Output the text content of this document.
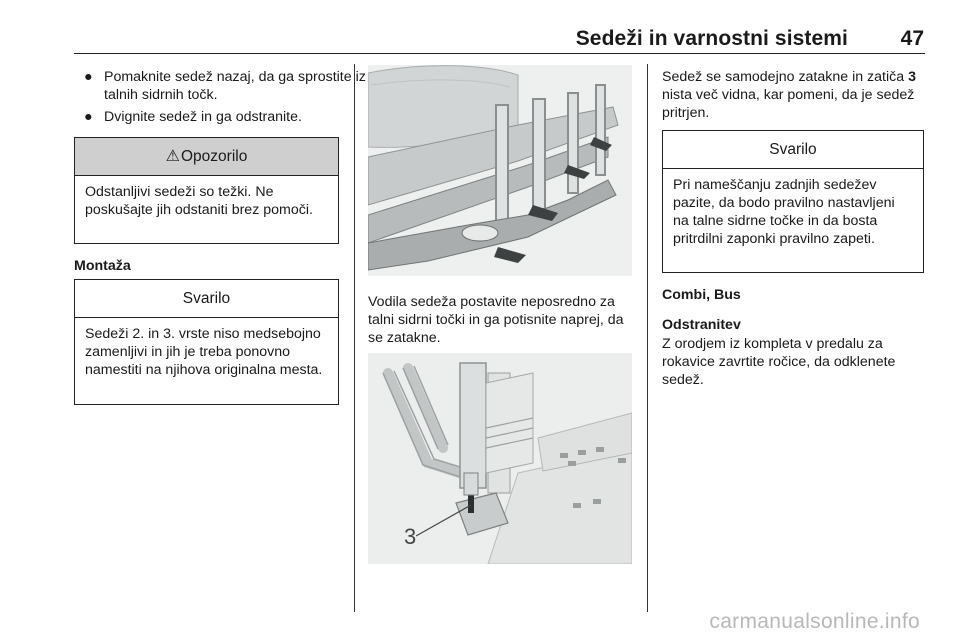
Sedeži in varnostni sistemi	47
● Pomaknite sedež nazaj, da ga sprostite iz talnih sidrnih točk.
● Dvignite sedež in ga odstranite.
⚠ Opozorilo
Odstanljivi sedeži so težki. Ne poskušajte jih odstaniti brez pomoči.
Montaža
Svarilo
Sedeži 2. in 3. vrste niso medsebojno zamenljivi in jih je treba ponovno namestiti na njihova originalna mesta.
Vodila sedeža postavite neposredno za talni sidrni točki in ga potisnite naprej, da se zatakne.
3
Sedež se samodejno zatakne in zatiča 3 nista več vidna, kar pomeni, da je sedež pritrjen.
Svarilo
Pri nameščanju zadnjih sedežev pazite, da bodo pravilno nastavljeni na talne sidrne točke in da bosta pritrdilni zaponki pravilno zapeti.
Combi, Bus
Odstranitev
Z orodjem iz kompleta v predalu za rokavice zavrtite ročice, da odklenete sedež.
carmanualsonline.info
